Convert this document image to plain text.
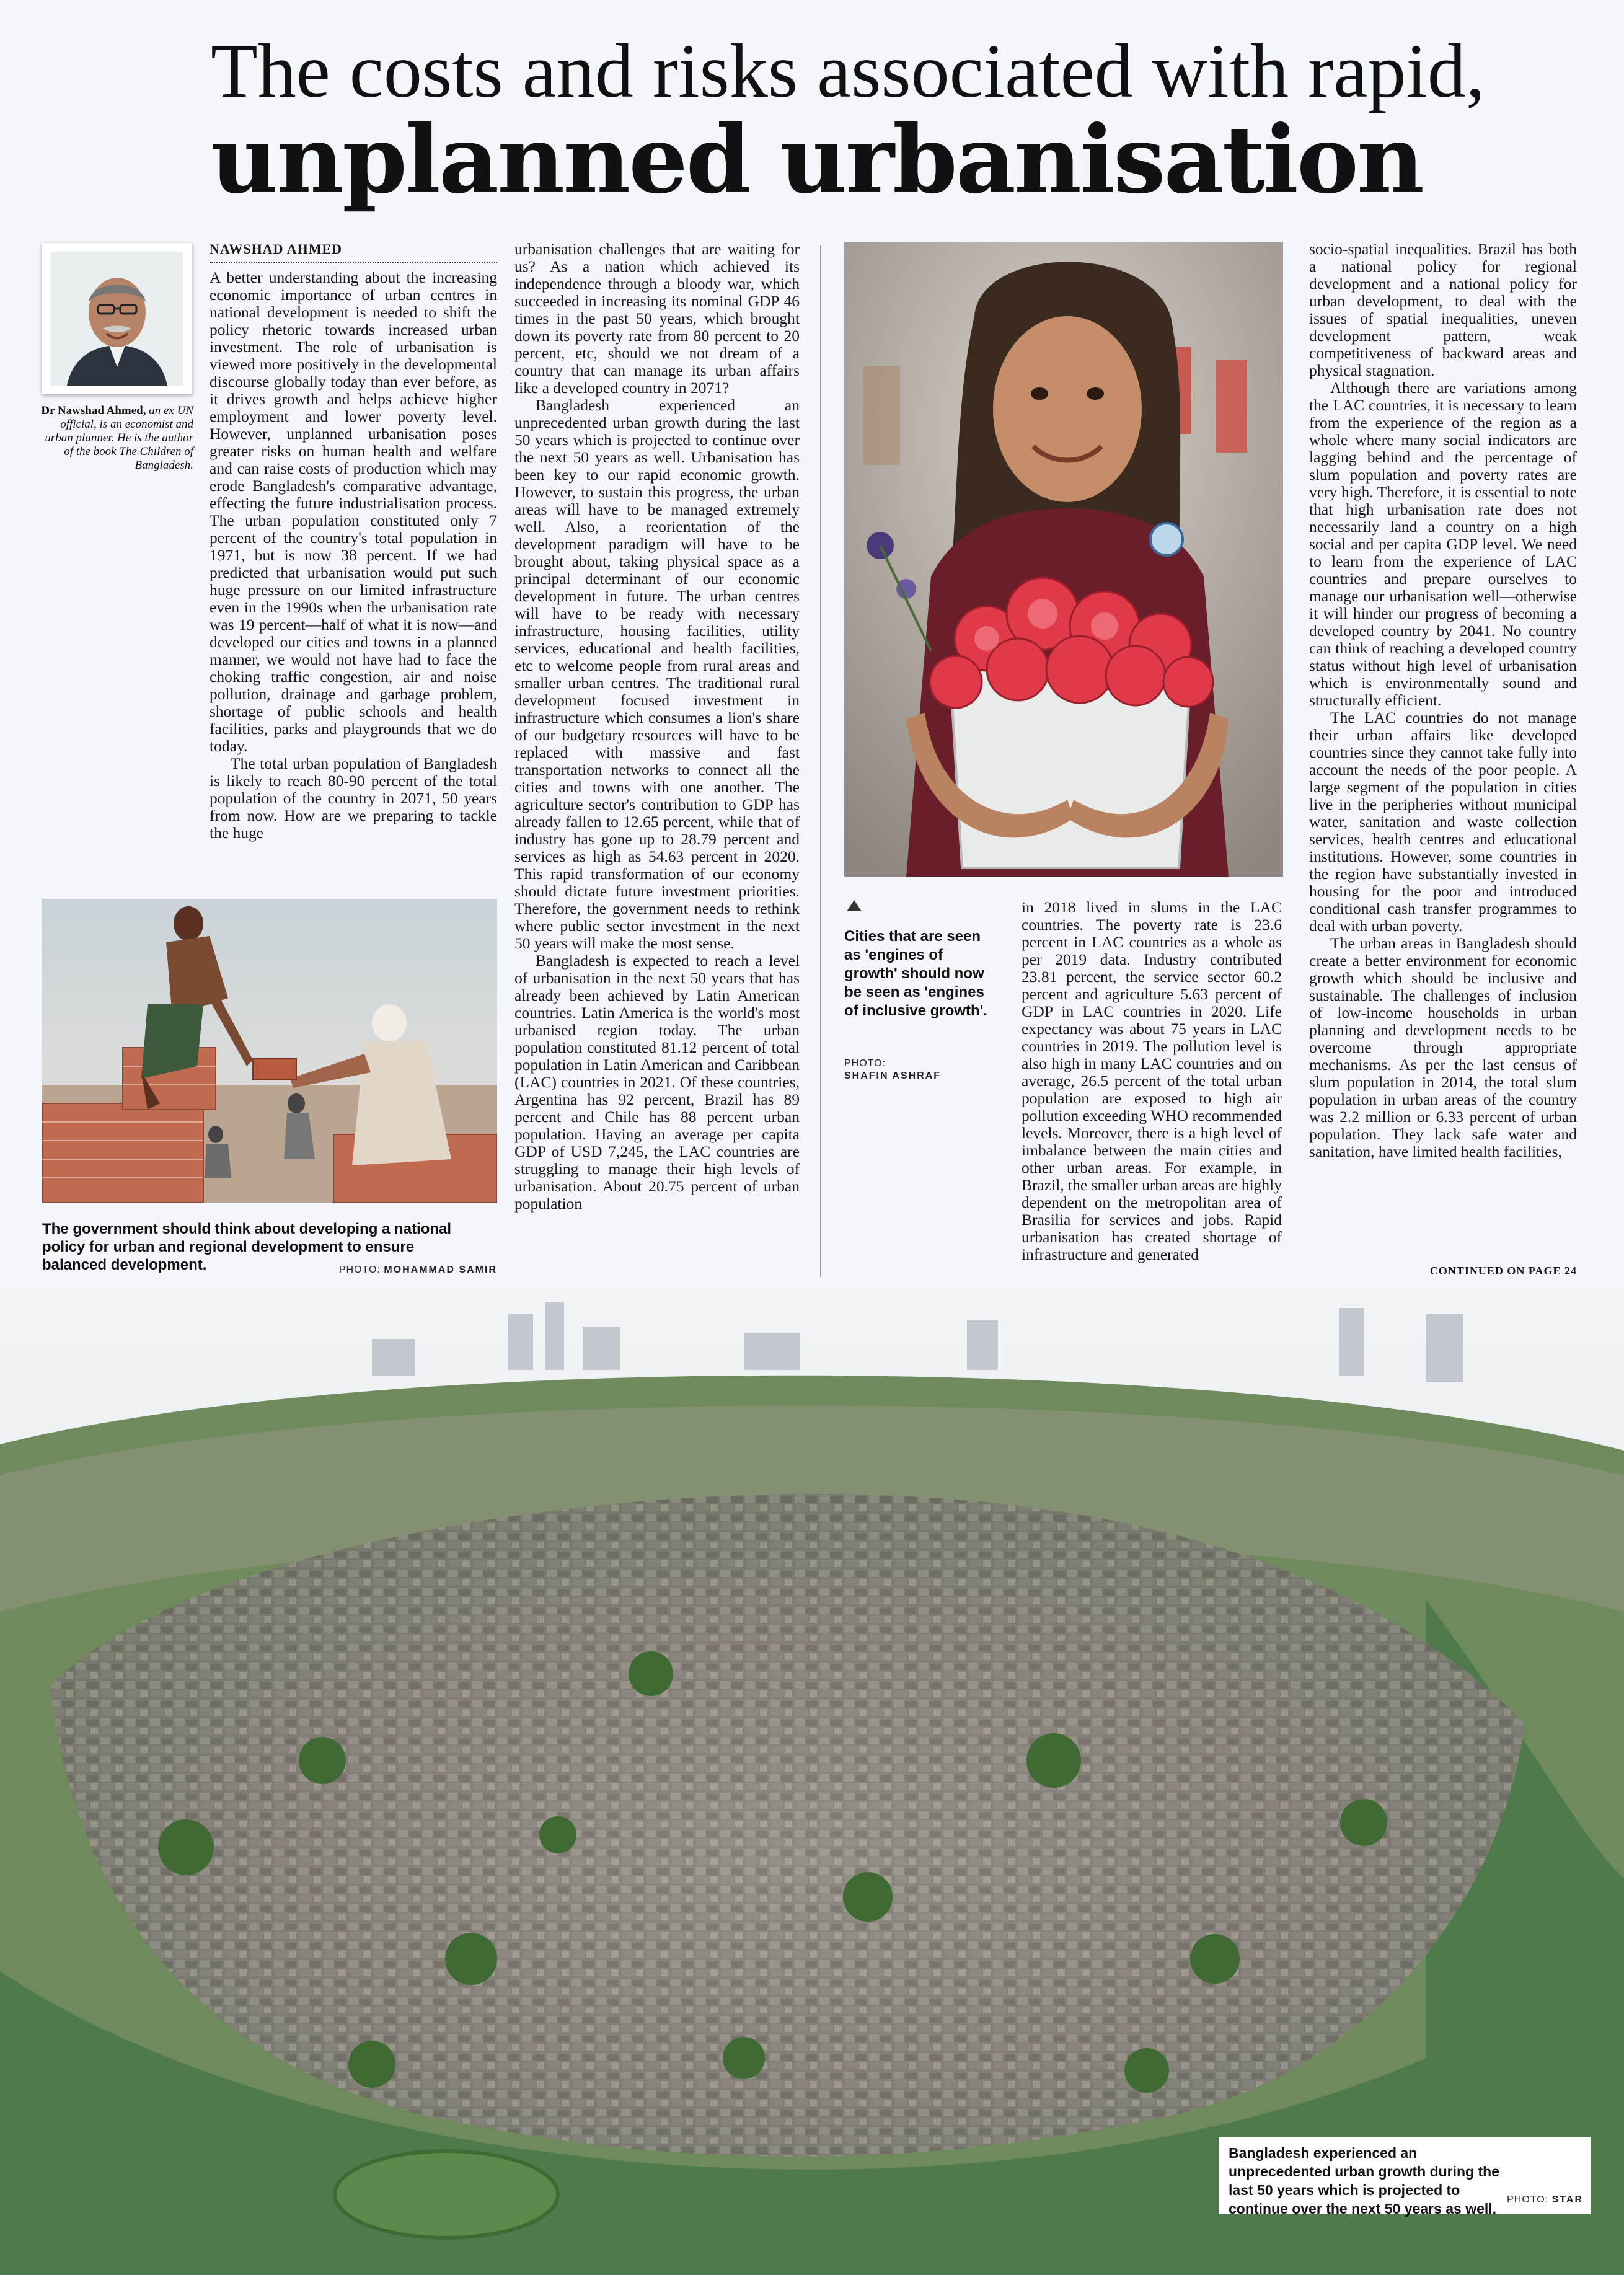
The costs and risks associated with rapid,
unplanned urbanisation
Dr Nawshad Ahmed, an ex UN official, is an economist and urban planner. He is the author of the book The Children of Bangladesh.
NAWSHAD AHMED

A better understanding about the increasing economic importance of urban centres in national development is needed to shift the policy rhetoric towards increased urban investment. The role of urbanisation is viewed more positively in the developmental discourse globally today than ever before, as it drives growth and helps achieve higher employment and lower poverty level. However, unplanned urbanisation poses greater risks on human health and welfare and can raise costs of production which may erode Bangladesh's comparative advantage, effecting the future industrialisation process. The urban population constituted only 7 percent of the country's total population in 1971, but is now 38 percent. If we had predicted that urbanisation would put such huge pressure on our limited infrastructure even in the 1990s when the urbanisation rate was 19 percent—half of what it is now—and developed our cities and towns in a planned manner, we would not have had to face the choking traffic congestion, air and noise pollution, drainage and garbage problem, shortage of public schools and health facilities, parks and playgrounds that we do today.

The total urban population of Bangladesh is likely to reach 80-90 percent of the total population of the country in 2071, 50 years from now. How are we preparing to tackle the huge

The government should think about developing a national policy for urban and regional development to ensure balanced development.	PHOTO: MOHAMMAD SAMIR

urbanisation challenges that are waiting for us? As a nation which achieved its independence through a bloody war, which succeeded in increasing its nominal GDP 46 times in the past 50 years, which brought down its poverty rate from 80 percent to 20 percent, etc, should we not dream of a country that can manage its urban affairs like a developed country in 2071?

Bangladesh experienced an unprecedented urban growth during the last 50 years which is projected to continue over the next 50 years as well. Urbanisation has been key to our rapid economic growth. However, to sustain this progress, the urban areas will have to be managed extremely well. Also, a reorientation of the development paradigm will have to be brought about, taking physical space as a principal determinant of our economic development in future. The urban centres will have to be ready with necessary infrastructure, housing facilities, utility services, educational and health facilities, etc to welcome people from rural areas and smaller urban centres. The traditional rural development focused investment in infrastructure which consumes a lion's share of our budgetary resources will have to be replaced with massive and fast transportation networks to connect all the cities and towns with one another. The agriculture sector's contribution to GDP has already fallen to 12.65 percent, while that of industry has gone up to 28.79 percent and services as high as 54.63 percent in 2020. This rapid transformation of our economy should dictate future investment priorities. Therefore, the government needs to rethink where public sector investment in the next 50 years will make the most sense.

Bangladesh is expected to reach a level of urbanisation in the next 50 years that has already been achieved by Latin American countries. Latin America is the world's most urbanised region today. The urban population constituted 81.12 percent of total population in Latin American and Caribbean (LAC) countries in 2021. Of these countries, Argentina has 92 percent, Brazil has 89 percent and Chile has 88 percent urban population. Having an average per capita GDP of USD 7,245, the LAC countries are struggling to manage their high levels of urbanisation. About 20.75 percent of urban population

Cities that are seen as 'engines of growth' should now be seen as 'engines of inclusive growth'.
PHOTO:
SHAFIN ASHRAF

in 2018 lived in slums in the LAC countries. The poverty rate is 23.6 percent in LAC countries as a whole as per 2019 data. Industry contributed 23.81 percent, the service sector 60.2 percent and agriculture 5.63 percent of GDP in LAC countries in 2020. Life expectancy was about 75 years in LAC countries in 2019. The pollution level is also high in many LAC countries and on average, 26.5 percent of the total urban population are exposed to high air pollution exceeding WHO recommended levels. Moreover, there is a high level of imbalance between the main cities and other urban areas. For example, in Brazil, the smaller urban areas are highly dependent on the metropolitan area of Brasilia for services and jobs. Rapid urbanisation has created shortage of infrastructure and generated

socio-spatial inequalities. Brazil has both a national policy for regional development and a national policy for urban development, to deal with the issues of spatial inequalities, uneven development pattern, weak competitiveness of backward areas and physical stagnation.

Although there are variations among the LAC countries, it is necessary to learn from the experience of the region as a whole where many social indicators are lagging behind and the percentage of slum population and poverty rates are very high. Therefore, it is essential to note that high urbanisation rate does not necessarily land a country on a high social and per capita GDP level. We need to learn from the experience of LAC countries and prepare ourselves to manage our urbanisation well—otherwise it will hinder our progress of becoming a developed country by 2041. No country can think of reaching a developed country status without high level of urbanisation which is environmentally sound and structurally efficient.

The LAC countries do not manage their urban affairs like developed countries since they cannot take fully into account the needs of the poor people. A large segment of the population in cities live in the peripheries without municipal water, sanitation and waste collection services, health centres and educational institutions. However, some countries in the region have substantially invested in housing for the poor and introduced conditional cash transfer programmes to deal with urban poverty.

The urban areas in Bangladesh should create a better environment for economic growth which should be inclusive and sustainable. The challenges of inclusion of low-income households in urban planning and development needs to be overcome through appropriate mechanisms. As per the last census of slum population in 2014, the total slum population in urban areas of the country was 2.2 million or 6.33 percent of urban population. They lack safe water and sanitation, have limited health facilities,

CONTINUED ON PAGE 24
Bangladesh experienced an unprecedented urban growth during the last 50 years which is projected to continue over the next 50 years as well.
PHOTO: STAR
